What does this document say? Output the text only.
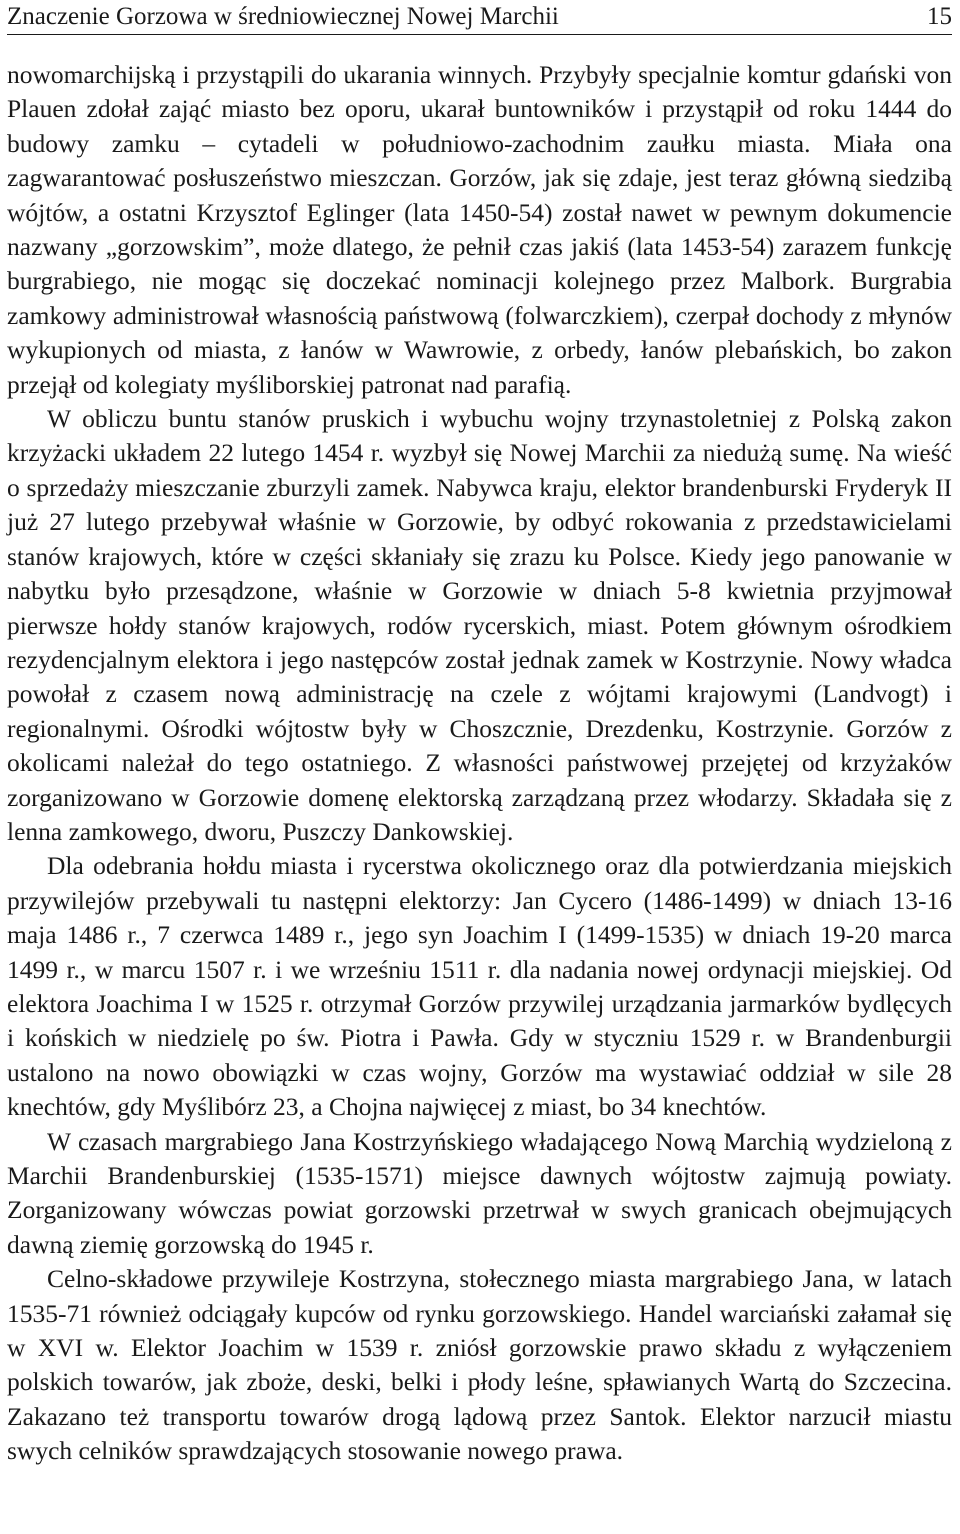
Znaczenie Gorzowa w średniowiecznej Nowej Marchii	15

nowomarchijską i przystąpili do ukarania winnych. Przybyły specjalnie komtur gdański von Plauen zdołał zająć miasto bez oporu, ukarał buntowników i przystąpił od roku 1444 do budowy zamku – cytadeli w południowo-zachodnim zaułku miasta. Miała ona zagwarantować posłuszeństwo mieszczan. Gorzów, jak się zdaje, jest teraz główną siedzibą wójtów, a ostatni Krzysztof Eglinger (lata 1450-54) został nawet w pewnym dokumencie nazwany „gorzowskim”, może dlatego, że pełnił czas jakiś (lata 1453-54) zarazem funkcję burgrabiego, nie mogąc się doczekać nominacji kolejnego przez Malbork. Burgrabia zamkowy administrował własnością państwową (folwarczkiem), czerpał dochody z młynów wykupionych od miasta, z łanów w Wawrowie, z orbedy, łanów plebańskich, bo zakon przejął od kolegiaty myśliborskiej patronat nad parafią.

W obliczu buntu stanów pruskich i wybuchu wojny trzynastoletniej z Polską zakon krzyżacki układem 22 lutego 1454 r. wyzbył się Nowej Marchii za niedużą sumę. Na wieść o sprzedaży mieszczanie zburzyli zamek. Nabywca kraju, elektor brandenburski Fryderyk II już 27 lutego przebywał właśnie w Gorzowie, by odbyć rokowania z przedstawicielami stanów krajowych, które w części skłaniały się zrazu ku Polsce. Kiedy jego panowanie w nabytku było przesądzone, właśnie w Gorzowie w dniach 5-8 kwietnia przyjmował pierwsze hołdy stanów krajowych, rodów rycerskich, miast. Potem głównym ośrodkiem rezydencjalnym elektora i jego następców został jednak zamek w Kostrzynie. Nowy władca powołał z czasem nową administrację na czele z wójtami krajowymi (Landvogt) i regionalnymi. Ośrodki wójtostw były w Choszcznie, Drezdenku, Kostrzynie. Gorzów z okolicami należał do tego ostatniego. Z własności państwowej przejętej od krzyżaków zorganizowano w Gorzowie domenę elektorską zarządzaną przez włodarzy. Składała się z lenna zamkowego, dworu, Puszczy Dankowskiej.

Dla odebrania hołdu miasta i rycerstwa okolicznego oraz dla potwierdzania miejskich przywilejów przebywali tu następni elektorzy: Jan Cycero (1486-1499) w dniach 13-16 maja 1486 r., 7 czerwca 1489 r., jego syn Joachim I (1499-1535) w dniach 19-20 marca 1499 r., w marcu 1507 r. i we wrześniu 1511 r. dla nadania nowej ordynacji miejskiej. Od elektora Joachima I w 1525 r. otrzymał Gorzów przywilej urządzania jarmarków bydlęcych i końskich w niedzielę po św. Piotra i Pawła. Gdy w styczniu 1529 r. w Brandenburgii ustalono na nowo obowiązki w czas wojny, Gorzów ma wystawiać oddział w sile 28 knechtów, gdy Myślibórz 23, a Chojna najwięcej z miast, bo 34 knechtów.

W czasach margrabiego Jana Kostrzyńskiego władającego Nową Marchią wydzieloną z Marchii Brandenburskiej (1535-1571) miejsce dawnych wójtostw zajmują powiaty. Zorganizowany wówczas powiat gorzowski przetrwał w swych granicach obejmujących dawną ziemię gorzowską do 1945 r.

Celno-składowe przywileje Kostrzyna, stołecznego miasta margrabiego Jana, w latach 1535-71 również odciągały kupców od rynku gorzowskiego. Handel warciański załamał się w XVI w. Elektor Joachim w 1539 r. zniósł gorzowskie prawo składu z wyłączeniem polskich towarów, jak zboże, deski, belki i płody leśne, spławianych Wartą do Szczecina. Zakazano też transportu towarów drogą lądową przez Santok. Elektor narzucił miastu swych celników sprawdzających stosowanie nowego prawa.
